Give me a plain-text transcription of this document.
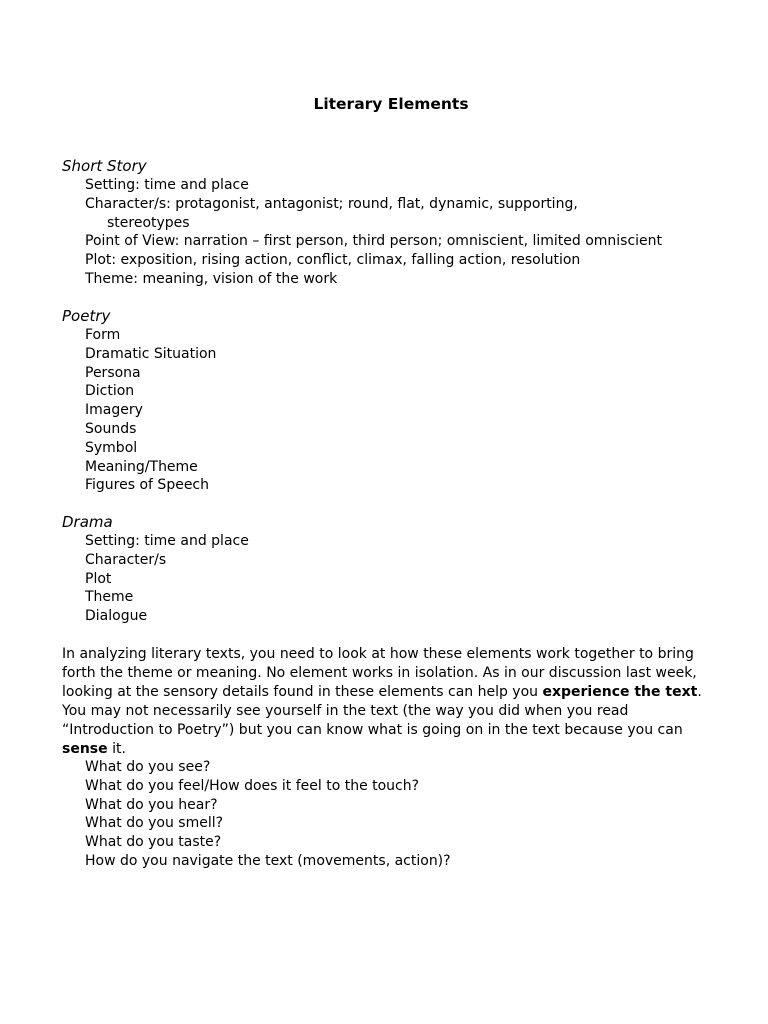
Literary Elements

Short Story

Setting: time and place
Character/s: protagonist, antagonist; round, flat, dynamic, supporting,
stereotypes
Point of View: narration – first person, third person; omniscient, limited omniscient
Plot: exposition, rising action, conflict, climax, falling action, resolution
Theme: meaning, vision of the work

Poetry

Form
Dramatic Situation
Persona
Diction
Imagery
Sounds
Symbol
Meaning/Theme
Figures of Speech

Drama

Setting: time and place
Character/s
Plot
Theme
Dialogue

In analyzing literary texts, you need to look at how these elements work together to bring forth the theme or meaning. No element works in isolation. As in our discussion last week, looking at the sensory details found in these elements can help you experience the text. You may not necessarily see yourself in the text (the way you did when you read “Introduction to Poetry”) but you can know what is going on in the text because you can sense it.

What do you see?
What do you feel/How does it feel to the touch?
What do you hear?
What do you smell?
What do you taste?
How do you navigate the text (movements, action)?
